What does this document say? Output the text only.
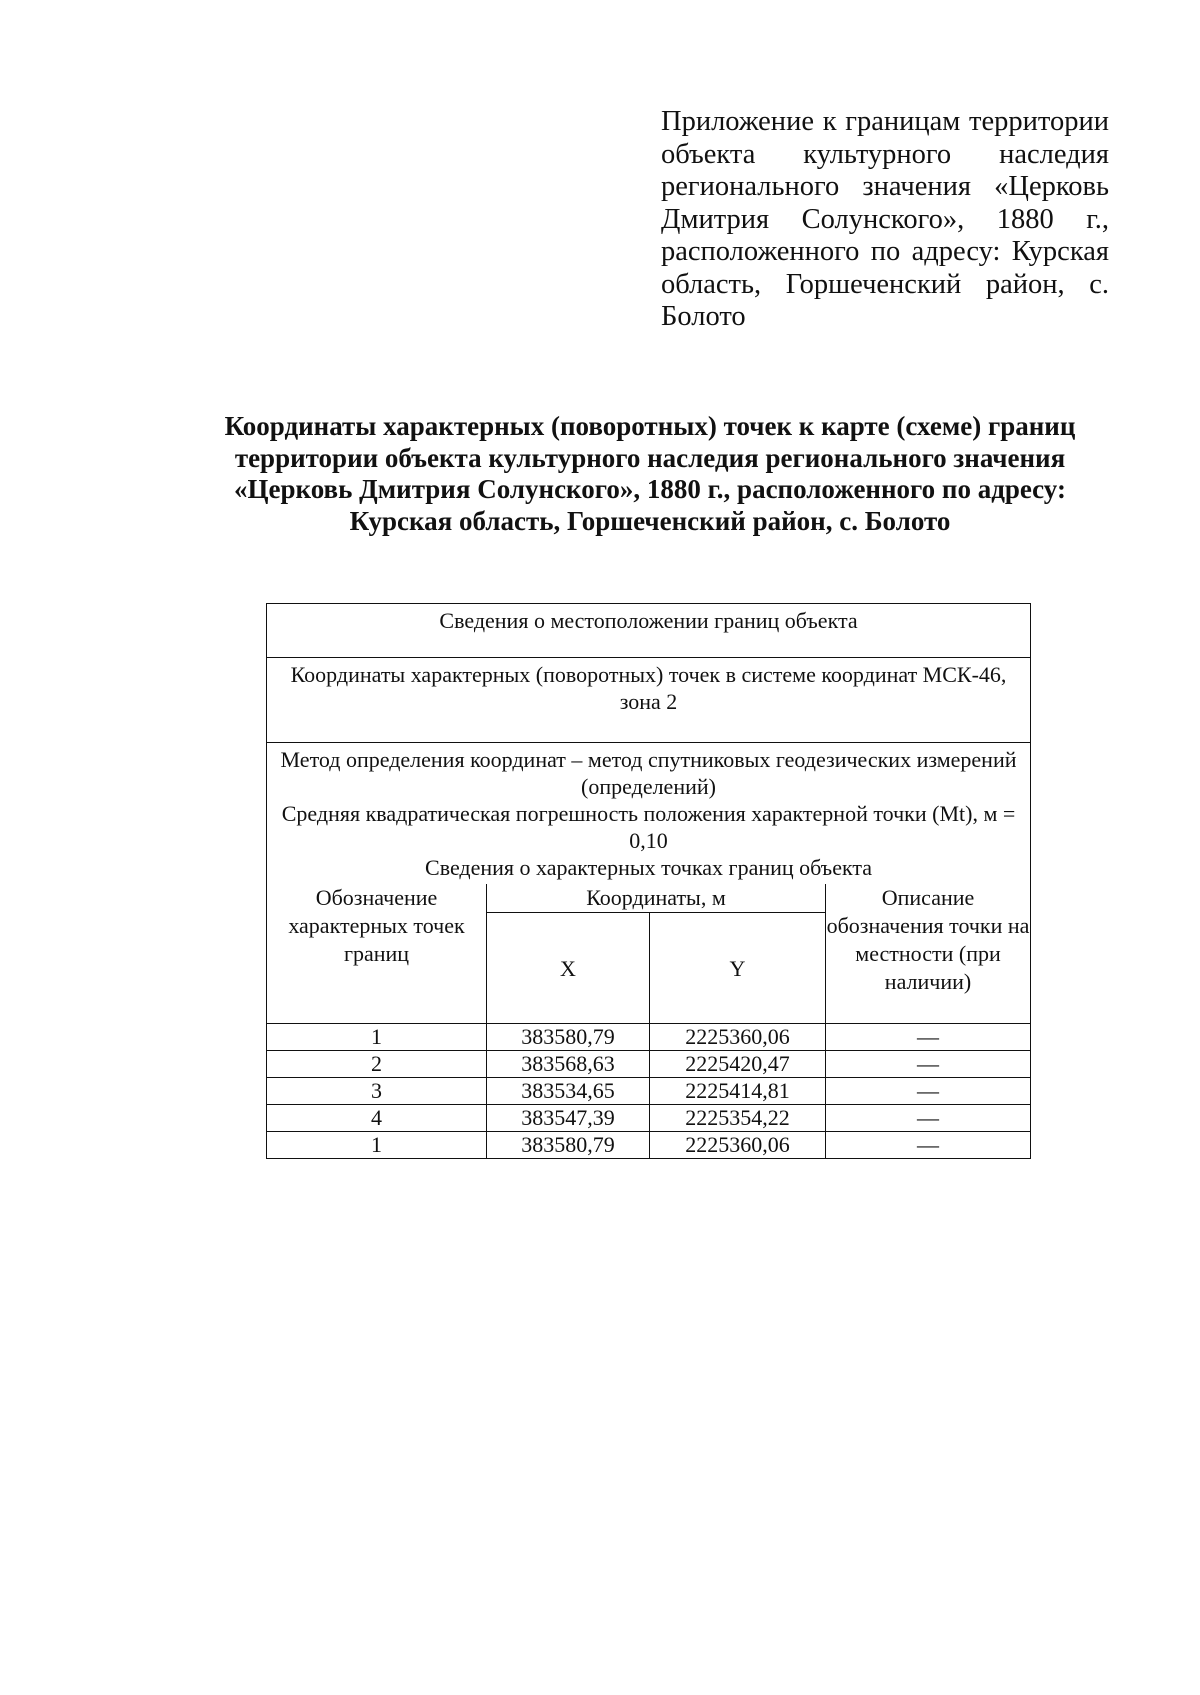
Приложение к границам территории объекта культурного наследия регионального значения «Церковь Дмитрия Солунского», 1880 г., расположенного по адресу: Курская область, Горшеченский район, с. Болото
Координаты характерных (поворотных) точек к карте (схеме) границ
территории объекта культурного наследия регионального значения
«Церковь Дмитрия Солунского», 1880 г., расположенного по адресу:
Курская область, Горшеченский район, с. Болото
Сведения о местоположении границ объекта			
Координаты характерных (поворотных) точек в системе координат МСК-46, зона 2			

Метод определения координат – метод спутниковых геодезических измерений (определений)
Средняя квадратическая погрешность положения характерной точки (Mt), м = 0,10
Сведения о характерных точках границ объекта			

Обозначение характерных точек границ	Координаты, м		Описание обозначения точки на местности (при наличии)
	X	Y	
1	383580,79	2225360,06	—
2	383568,63	2225420,47	—
3	383534,65	2225414,81	—
4	383547,39	2225354,22	—
1	383580,79	2225360,06	—
